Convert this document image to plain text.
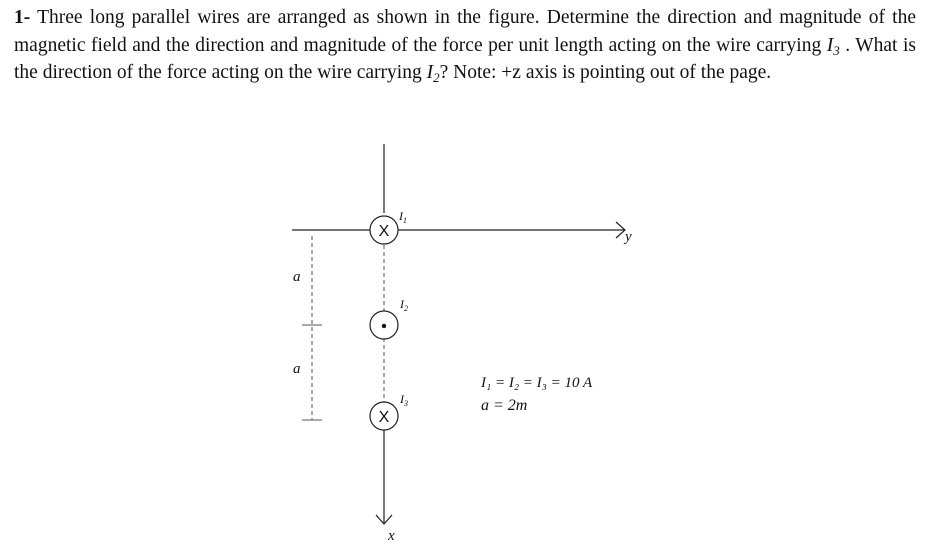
1- Three long parallel wires are arranged as shown in the figure. Determine the direction and magnitude of the magnetic field and the direction and magnitude of the force per unit length acting on the wire carrying $I_3$ . What is the direction of the force acting on the wire carrying $I_2$? Note: +z axis is pointing out of the page.
x
y
X
$I_1$
$I_2$
X
$I_3$
a
a
I₁ = I₂ = I₃ = 10 A
a = 2m
